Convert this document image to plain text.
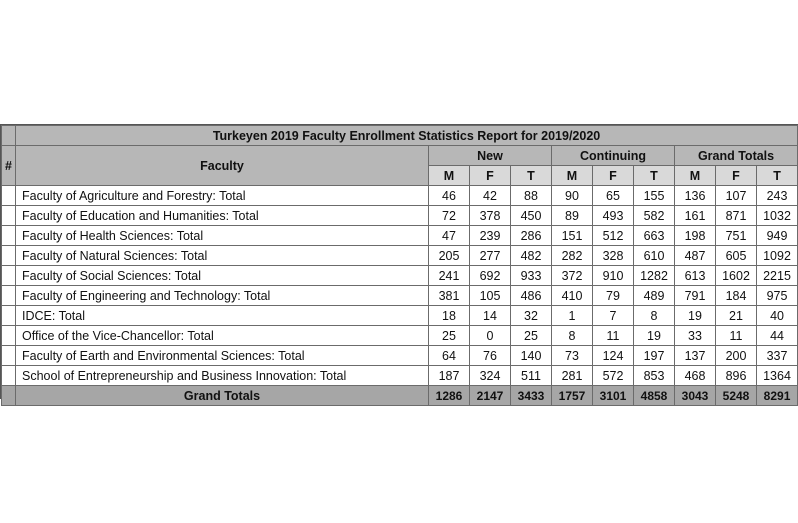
	Turkeyen 2019 Faculty Enrollment Statistics Report for 2019/2020									
#	Faculty	New			Continuing			Grand Totals		
		M	F	T	M	F	T	M	F	T
	Faculty of Agriculture and Forestry: Total	46	42	88	90	65	155	136	107	243
	Faculty of Education and Humanities: Total	72	378	450	89	493	582	161	871	1032
	Faculty of Health Sciences: Total	47	239	286	151	512	663	198	751	949
	Faculty of Natural Sciences: Total	205	277	482	282	328	610	487	605	1092
	Faculty of Social Sciences: Total	241	692	933	372	910	1282	613	1602	2215
	Faculty of Engineering and Technology: Total	381	105	486	410	79	489	791	184	975
	IDCE: Total	18	14	32	1	7	8	19	21	40
	Office of the Vice-Chancellor: Total	25	0	25	8	11	19	33	11	44
	Faculty of Earth and Environmental Sciences: Total	64	76	140	73	124	197	137	200	337
	School of Entrepreneurship and Business Innovation: Total	187	324	511	281	572	853	468	896	1364
	Grand Totals	1286	2147	3433	1757	3101	4858	3043	5248	8291
